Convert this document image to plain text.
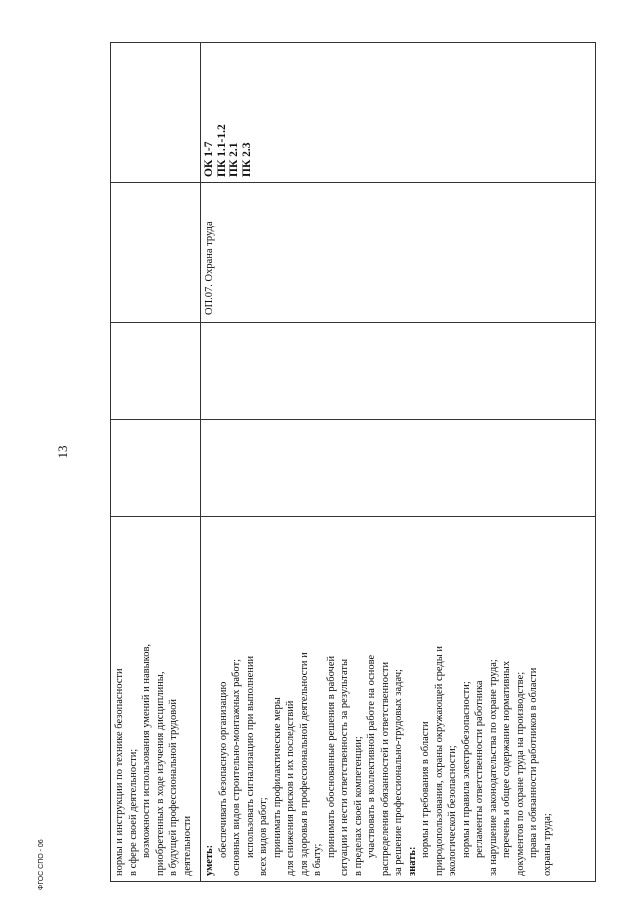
13
ФГОС СПО - 06	нормы и инструкции по технике безопасности в сфере своей деятельности; возможности использования умений и навыков, приобретенных в ходе изучения дисциплины, в будущей профессиональной трудовой деятельности уметь:
обеспечивать безопасную организацию основных видов строительно-монтажных работ; использовать сигнализацию при выполнении всех видов работ; принимать профилактические меры для снижения рисков и их последствий для здоровья в профессиональной деятельности и в быту;
принимать обоснованные решения в рабочей ситуации и нести ответственность за результаты в пределах своей компетенции; участвовать в коллективной работе на основе распределения обязанностей и ответственности за решение профессионально-трудовых задач; знать:
нормы и требования в области природопользования, охраны окружающей среды и экологической безопасности; нормы и правила электробезопасности; регламенты ответственности работника за нарушение законодательства по охране труда; перечень и общее содержание нормативных документов по охране труда на производстве; права и обязанности работников в области охраны труда;
ОП.07. Охрана труда
ОК 1-7 ПК 1.1-1.2 ПК 2.1 ПК 2.3
